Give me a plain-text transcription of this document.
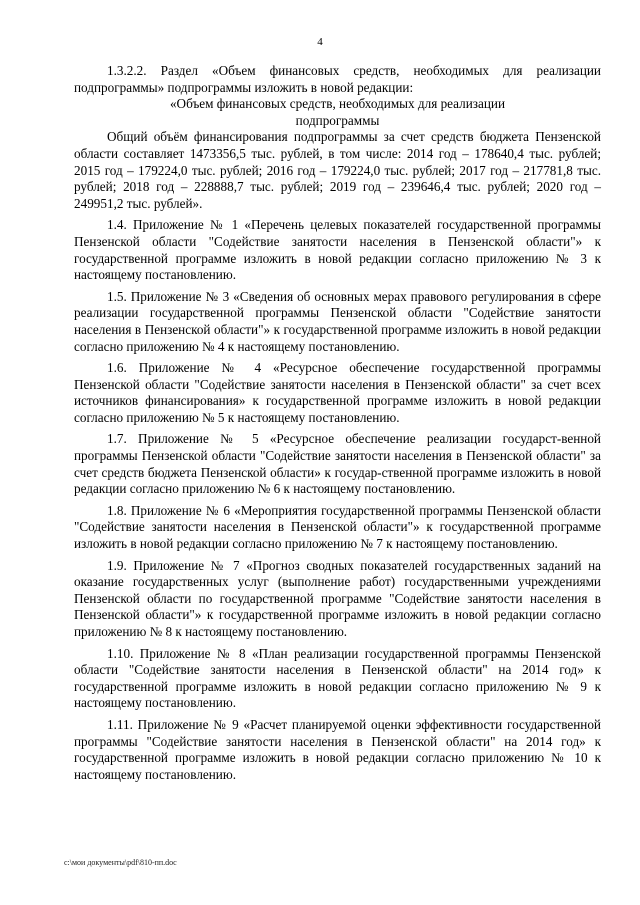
4

1.3.2.2. Раздел «Объем финансовых средств, необходимых для реализации подпрограммы» подпрограммы изложить в новой редакции:

«Объем финансовых средств, необходимых для реализации

подпрограммы

Общий объём финансирования подпрограммы за счет средств бюджета Пензенской области составляет 1473356,5 тыс. рублей, в том числе: 2014 год – 178640,4 тыс. рублей; 2015 год – 179224,0 тыс. рублей; 2016 год – 179224,0 тыс. рублей; 2017 год – 217781,8 тыс. рублей; 2018 год – 228888,7 тыс. рублей; 2019 год – 239646,4 тыс. рублей; 2020 год – 249951,2 тыс. рублей».

1.4. Приложение № 1 «Перечень целевых показателей государственной программы Пензенской области "Содействие занятости населения в Пензенской области"» к государственной программе изложить в новой редакции согласно приложению № 3 к настоящему постановлению.

1.5. Приложение № 3 «Сведения об основных мерах правового регулирования в сфере реализации государственной программы Пензенской области "Содействие занятости населения в Пензенской области"» к государственной программе изложить в новой редакции согласно приложению № 4 к настоящему постановлению.

1.6. Приложение № 4 «Ресурсное обеспечение государственной программы Пензенской области "Содействие занятости населения в Пензенской области" за счет всех источников финансирования» к государственной программе изложить в новой редакции согласно приложению № 5 к настоящему постановлению.

1.7. Приложение № 5 «Ресурсное обеспечение реализации государст-венной программы Пензенской области "Содействие занятости населения в Пензенской области" за счет средств бюджета Пензенской области» к государ-ственной программе изложить в новой редакции согласно приложению № 6 к настоящему постановлению.

1.8. Приложение № 6 «Мероприятия государственной программы Пензенской области "Содействие занятости населения в Пензенской области"» к государственной программе изложить в новой редакции согласно приложению № 7 к настоящему постановлению.

1.9. Приложение № 7 «Прогноз сводных показателей государственных заданий на оказание государственных услуг (выполнение работ) государственными учреждениями Пензенской области по государственной программе "Содействие занятости населения в Пензенской области"» к государственной программе изложить в новой редакции согласно приложению № 8 к настоящему постановлению.

1.10. Приложение № 8 «План реализации государственной программы Пензенской области "Содействие занятости населения в Пензенской области" на 2014 год» к государственной программе изложить в новой редакции согласно приложению № 9 к настоящему постановлению.

1.11. Приложение № 9 «Расчет планируемой оценки эффективности государственной программы "Содействие занятости населения в Пензенской области" на 2014 год» к государственной программе изложить в новой редакции согласно приложению № 10 к настоящему постановлению.

c:\мои документы\pdf\810-пп.doc
